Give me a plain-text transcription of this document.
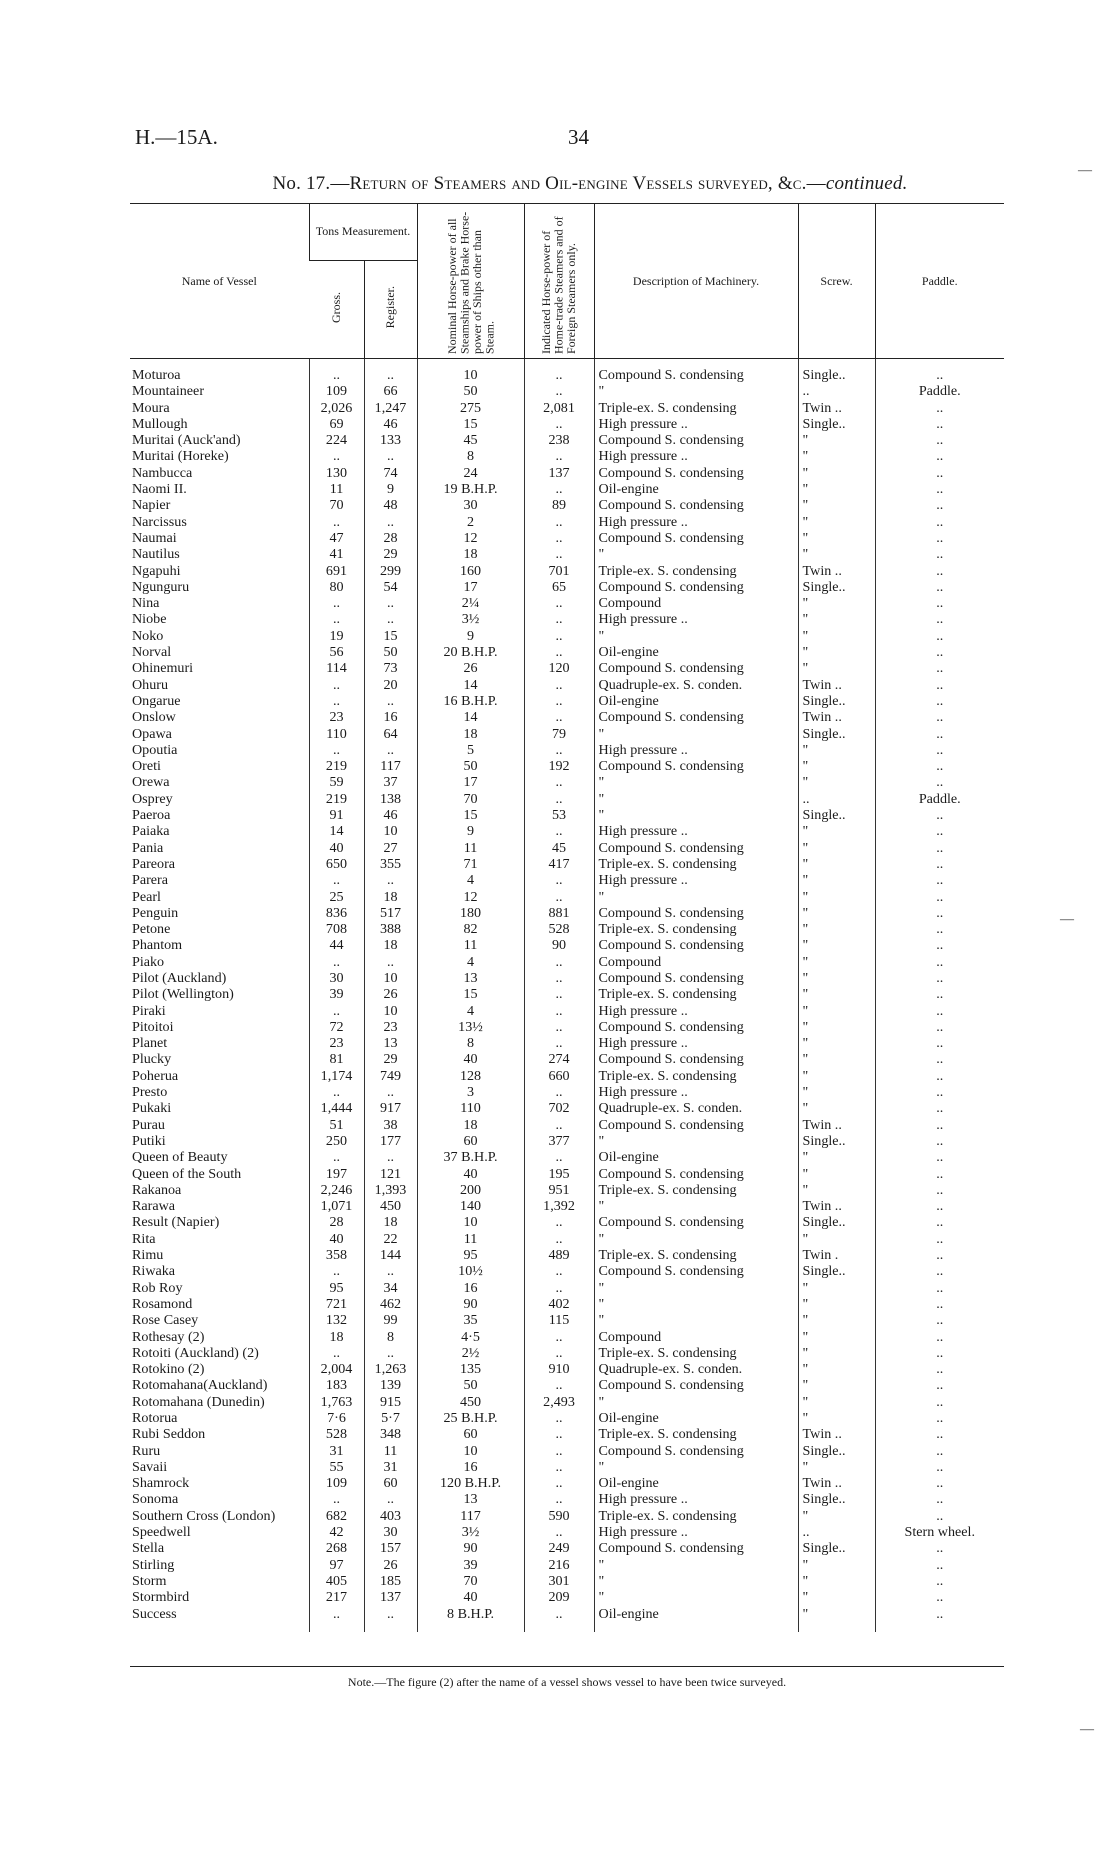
H.—15A.	34
No. 17.—Return of Steamers and Oil-engine Vessels surveyed, &c.—continued.
Name of Vessel	Tons Measurement.		Nominal Horse-power of all Steamships and Brake Horse-power of Ships other than Steam.	Indicated Horse-power of Home-trade Steamers and of Foreign Steamers only.	Description of Machinery.	Screw.	Paddle.
	Gross.	Register.					
Moturoa	..	..	10	..	Compound S. condensing	Single..	..
Mountaineer	109	66	50	..	"	..	Paddle.
Moura	2,026	1,247	275	2,081	Triple-ex. S. condensing	Twin ..	..
Mullough	69	46	15	..	High pressure ..	Single..	..
Muritai (Auck'and)	224	133	45	238	Compound S. condensing	"	..
Muritai (Horeke)	..	..	8	..	High pressure ..	"	..
Nambucca	130	74	24	137	Compound S. condensing	"	..
Naomi II.	11	9	19 B.H.P.	..	Oil-engine	"	..
Napier	70	48	30	89	Compound S. condensing	"	..
Narcissus	..	..	2	..	High pressure ..	"	..
Naumai	47	28	12	..	Compound S. condensing	"	..
Nautilus	41	29	18	..	"	"	..
Ngapuhi	691	299	160	701	Triple-ex. S. condensing	Twin ..	..
Ngunguru	80	54	17	65	Compound S. condensing	Single..	..
Nina	..	..	2¼	..	Compound	"	..
Niobe	..	..	3½	..	High pressure ..	"	..
Noko	19	15	9	..	"	"	..
Norval	56	50	20 B.H.P.	..	Oil-engine	"	..
Ohinemuri	114	73	26	120	Compound S. condensing	"	..
Ohuru	..	20	14	..	Quadruple-ex. S. conden.	Twin ..	..
Ongarue	..	..	16 B.H.P.	..	Oil-engine	Single..	..
Onslow	23	16	14	..	Compound S. condensing	Twin ..	..
Opawa	110	64	18	79	"	Single..	..
Opoutia	..	..	5	..	High pressure ..	"	..
Oreti	219	117	50	192	Compound S. condensing	"	..
Orewa	59	37	17	..	"	"	..
Osprey	219	138	70	..	"	..	Paddle.
Paeroa	91	46	15	53	"	Single..	..
Paiaka	14	10	9	..	High pressure ..	"	..
Pania	40	27	11	45	Compound S. condensing	"	..
Pareora	650	355	71	417	Triple-ex. S. condensing	"	..
Parera	..	..	4	..	High pressure ..	"	..
Pearl	25	18	12	..	"	"	..
Penguin	836	517	180	881	Compound S. condensing	"	..
Petone	708	388	82	528	Triple-ex. S. condensing	"	..
Phantom	44	18	11	90	Compound S. condensing	"	..
Piako	..	..	4	..	Compound	"	..
Pilot (Auckland)	30	10	13	..	Compound S. condensing	"	..
Pilot (Wellington)	39	26	15	..	Triple-ex. S. condensing	"	..
Piraki	..	10	4	..	High pressure ..	"	..
Pitoitoi	72	23	13½	..	Compound S. condensing	"	..
Planet	23	13	8	..	High pressure ..	"	..
Plucky	81	29	40	274	Compound S. condensing	"	..
Poherua	1,174	749	128	660	Triple-ex. S. condensing	"	..
Presto	..	..	3	..	High pressure ..	"	..
Pukaki	1,444	917	110	702	Quadruple-ex. S. conden.	"	..
Purau	51	38	18	..	Compound S. condensing	Twin ..	..
Putiki	250	177	60	377	"	Single..	..
Queen of Beauty	..	..	37 B.H.P.	..	Oil-engine	"	..
Queen of the South	197	121	40	195	Compound S. condensing	"	..
Rakanoa	2,246	1,393	200	951	Triple-ex. S. condensing	"	..
Rarawa	1,071	450	140	1,392	"	Twin ..	..
Result (Napier)	28	18	10	..	Compound S. condensing	Single..	..
Rita	40	22	11	..	"	"	..
Rimu	358	144	95	489	Triple-ex. S. condensing	Twin .	..
Riwaka	..	..	10½	..	Compound S. condensing	Single..	..
Rob Roy	95	34	16	..	"	"	..
Rosamond	721	462	90	402	"	"	..
Rose Casey	132	99	35	115	"	"	..
Rothesay (2)	18	8	4·5	..	Compound	"	..
Rotoiti (Auckland) (2)	..	..	2½	..	Triple-ex. S. condensing	"	..
Rotokino (2)	2,004	1,263	135	910	Quadruple-ex. S. conden.	"	..
Rotomahana(Auckland)	183	139	50	..	Compound S. condensing	"	..
Rotomahana (Dunedin)	1,763	915	450	2,493	"	"	..
Rotorua	7·6	5·7	25 B.H.P.	..	Oil-engine	"	..
Rubi Seddon	528	348	60	..	Triple-ex. S. condensing	Twin ..	..
Ruru	31	11	10	..	Compound S. condensing	Single..	..
Savaii	55	31	16	..	"	"	..
Shamrock	109	60	120 B.H.P.	..	Oil-engine	Twin ..	..
Sonoma	..	..	13	..	High pressure ..	Single..	..
Southern Cross (London)	682	403	117	590	Triple-ex. S. condensing	"	..
Speedwell	42	30	3½	..	High pressure ..	..	Stern wheel.
Stella	268	157	90	249	Compound S. condensing	Single..	..
Stirling	97	26	39	216	"	"	..
Storm	405	185	70	301	"	"	..
Stormbird	217	137	40	209	"	"	..
Success	..	..	8 B.H.P.	..	Oil-engine	"	..
Note.—The figure (2) after the name of a vessel shows vessel to have been twice surveyed.
—
—
—
